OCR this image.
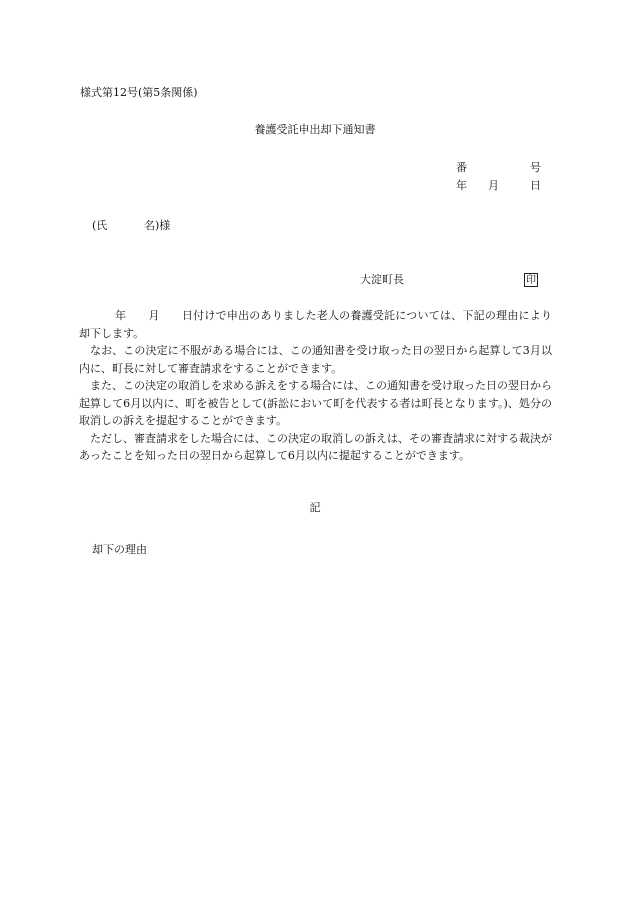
様式第12号(第5条関係)
養護受託申出却下通知書
番	号
年	月	日
(氏	名)様
大淀町長	印

年 月 日付けで申出のありました老人の養護受託については、下記の理由により却下します。

なお、この決定に不服がある場合には、この通知書を受け取った日の翌日から起算して3月以内に、町長に対して審査請求をすることができます。

また、この決定の取消しを求める訴えをする場合には、この通知書を受け取った日の翌日から起算して6月以内に、町を被告として(訴訟において町を代表する者は町長となります。)、処分の取消しの訴えを提起することができます。

ただし、審査請求をした場合には、この決定の取消しの訴えは、その審査請求に対する裁決があったことを知った日の翌日から起算して6月以内に提起することができます。

記
却下の理由
